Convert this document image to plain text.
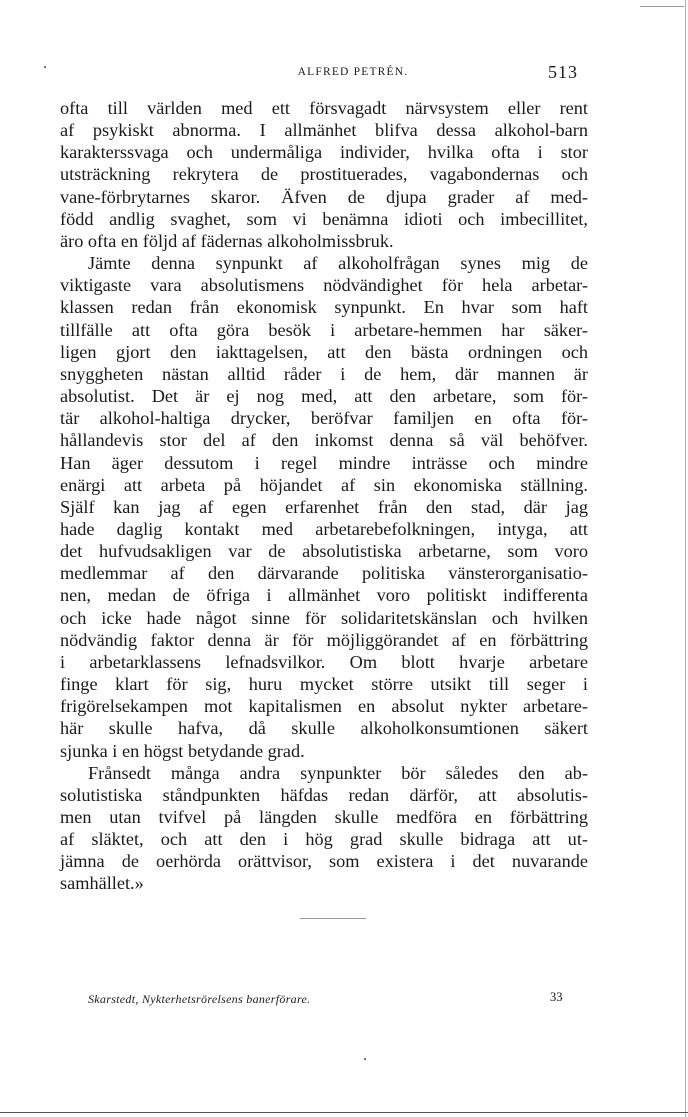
ALFRED PETRÉN.	513
ofta till världen med ett försvagadt närvsystem eller rent
af psykiskt abnorma. I allmänhet blifva dessa alkohol-barn
karakterssvaga och undermåliga individer, hvilka ofta i stor
utsträckning rekrytera de prostituerades, vagabondernas och
vane-förbrytarnes skaror. Äfven de djupa grader af med-
född andlig svaghet, som vi benämna idioti och imbecillitet,
äro ofta en följd af fädernas alkoholmissbruk.
Jämte denna synpunkt af alkoholfrågan synes mig de
viktigaste vara absolutismens nödvändighet för hela arbetar-
klassen redan från ekonomisk synpunkt. En hvar som haft
tillfälle att ofta göra besök i arbetare-hemmen har säker-
ligen gjort den iakttagelsen, att den bästa ordningen och
snyggheten nästan alltid råder i de hem, där mannen är
absolutist. Det är ej nog med, att den arbetare, som för-
tär alkohol-haltiga drycker, beröfvar familjen en ofta för-
hållandevis stor del af den inkomst denna så väl behöfver.
Han äger dessutom i regel mindre inträsse och mindre
enärgi att arbeta på höjandet af sin ekonomiska ställning.
Själf kan jag af egen erfarenhet från den stad, där jag
hade daglig kontakt med arbetarebefolkningen, intyga, att
det hufvudsakligen var de absolutistiska arbetarne, som voro
medlemmar af den därvarande politiska vänsterorganisatio-
nen, medan de öfriga i allmänhet voro politiskt indifferenta
och icke hade något sinne för solidaritetskänslan och hvilken
nödvändig faktor denna är för möjliggörandet af en förbättring
i arbetarklassens lefnadsvilkor. Om blott hvarje arbetare
finge klart för sig, huru mycket större utsikt till seger i
frigörelsekampen mot kapitalismen en absolut nykter arbetare-
här skulle hafva, då skulle alkoholkonsumtionen säkert
sjunka i en högst betydande grad.
Frånsedt många andra synpunkter bör således den ab-
solutistiska ståndpunkten häfdas redan därför, att absolutis-
men utan tvifvel på längden skulle medföra en förbättring
af släktet, och att den i hög grad skulle bidraga att ut-
jämna de oerhörda orättvisor, som existera i det nuvarande
samhället.»
Skarstedt, Nykterhetsrörelsens banerförare.	33
